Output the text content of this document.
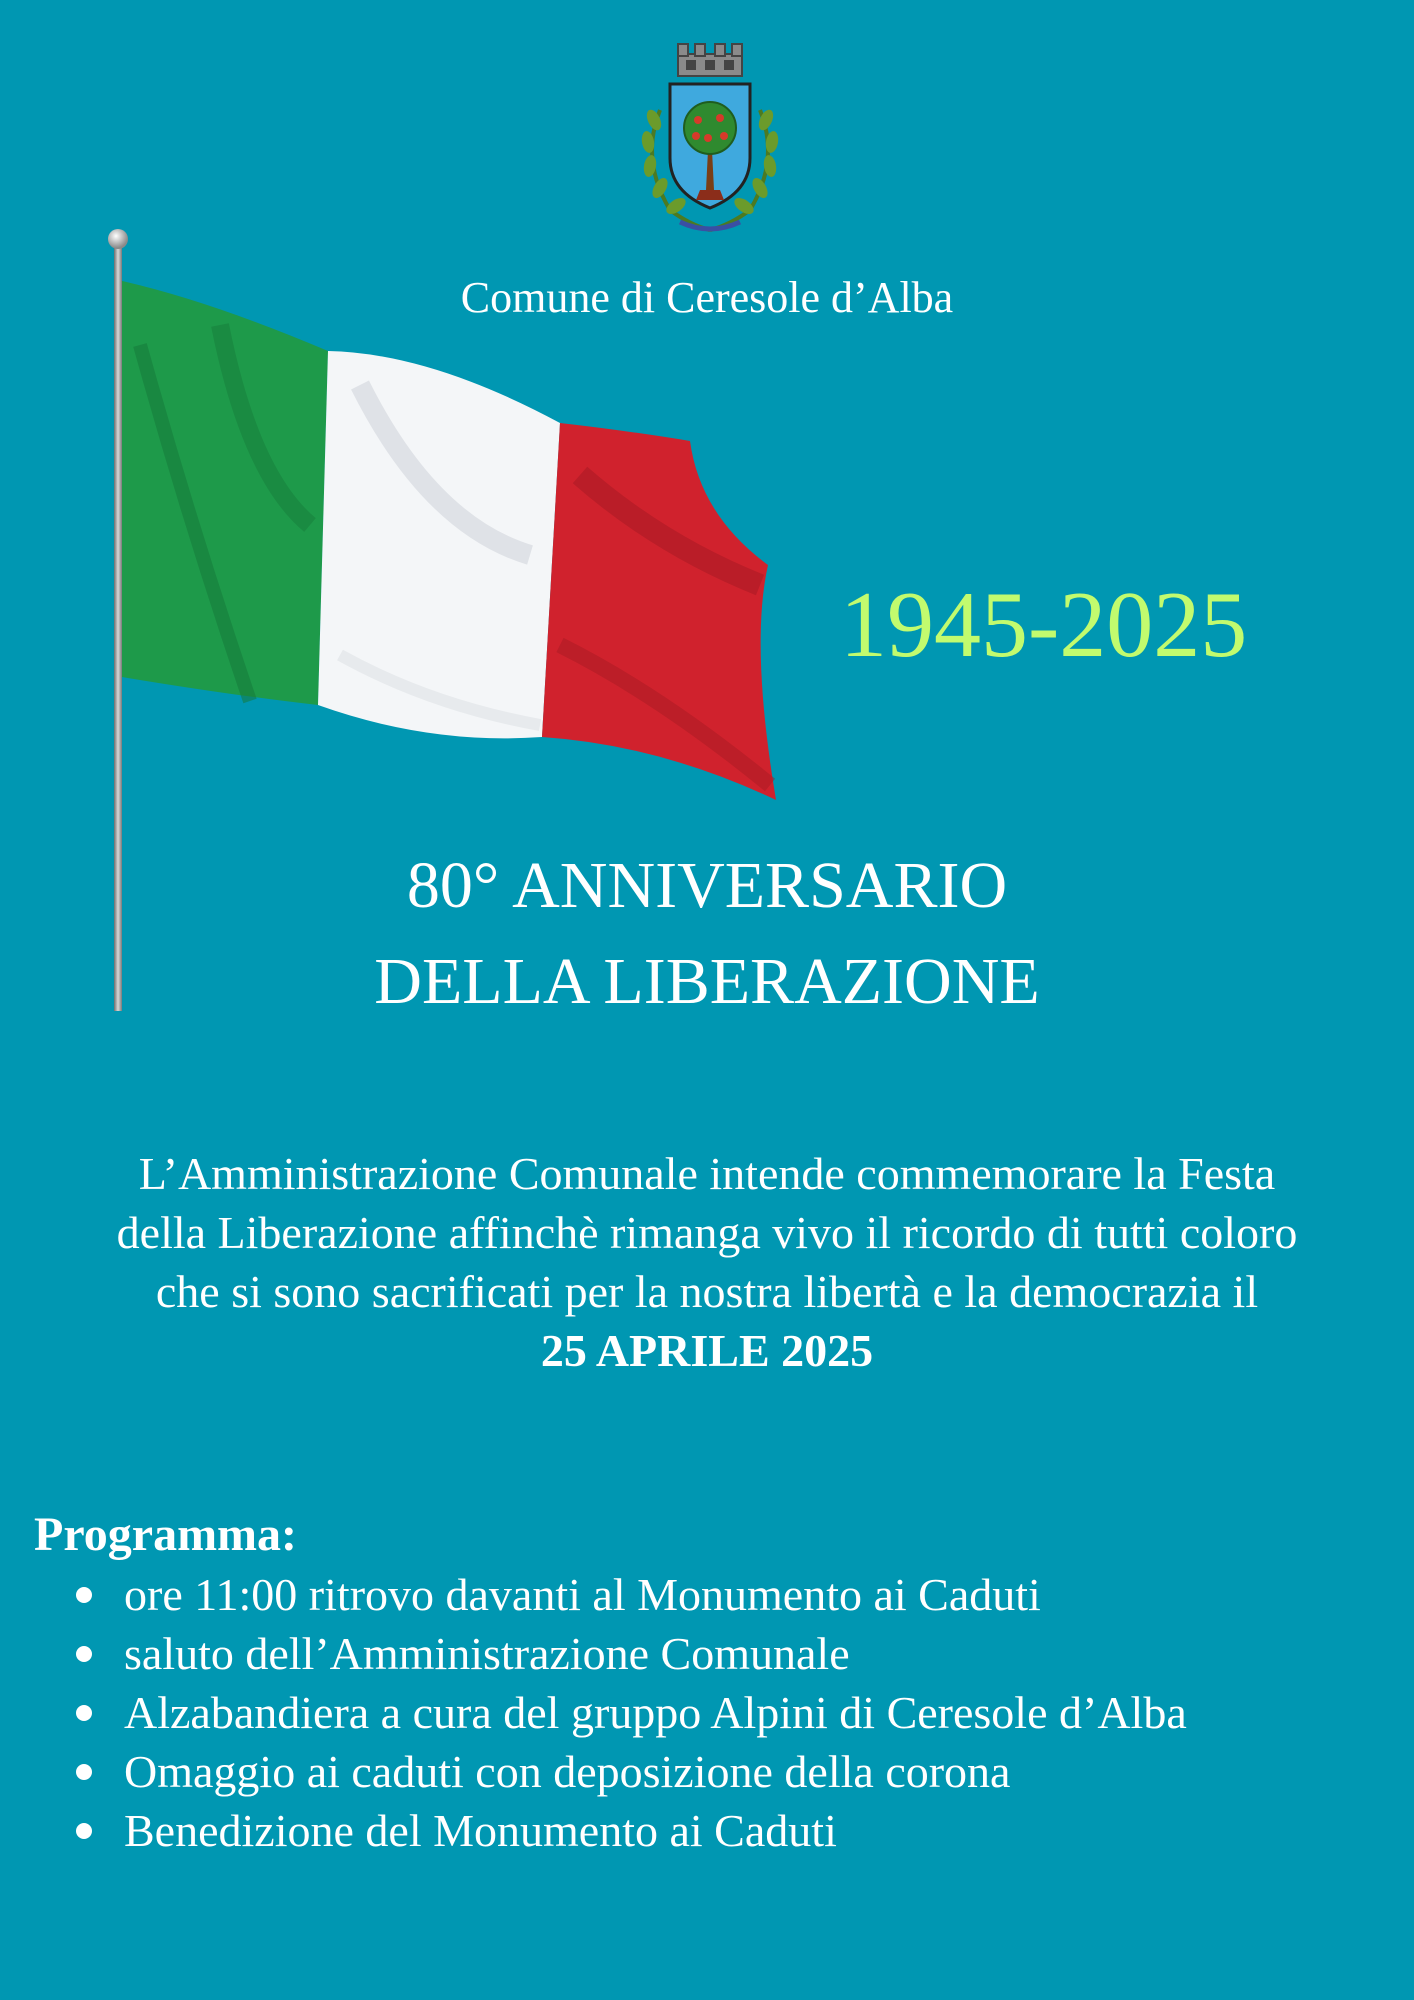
Comune di Ceresole d’Alba
1945-2025
80° ANNIVERSARIO
DELLA LIBERAZIONE
L’Amministrazione Comunale intende commemorare la Festa
della Liberazione affinchè rimanga vivo il ricordo di tutti coloro
che si sono sacrificati per la nostra libertà e la democrazia il
25 APRILE 2025
Programma:
ore 11:00 ritrovo davanti al Monumento ai Caduti
saluto dell’Amministrazione Comunale
Alzabandiera a cura del gruppo Alpini di Ceresole d’Alba
Omaggio ai caduti con deposizione della corona
Benedizione del Monumento ai Caduti
